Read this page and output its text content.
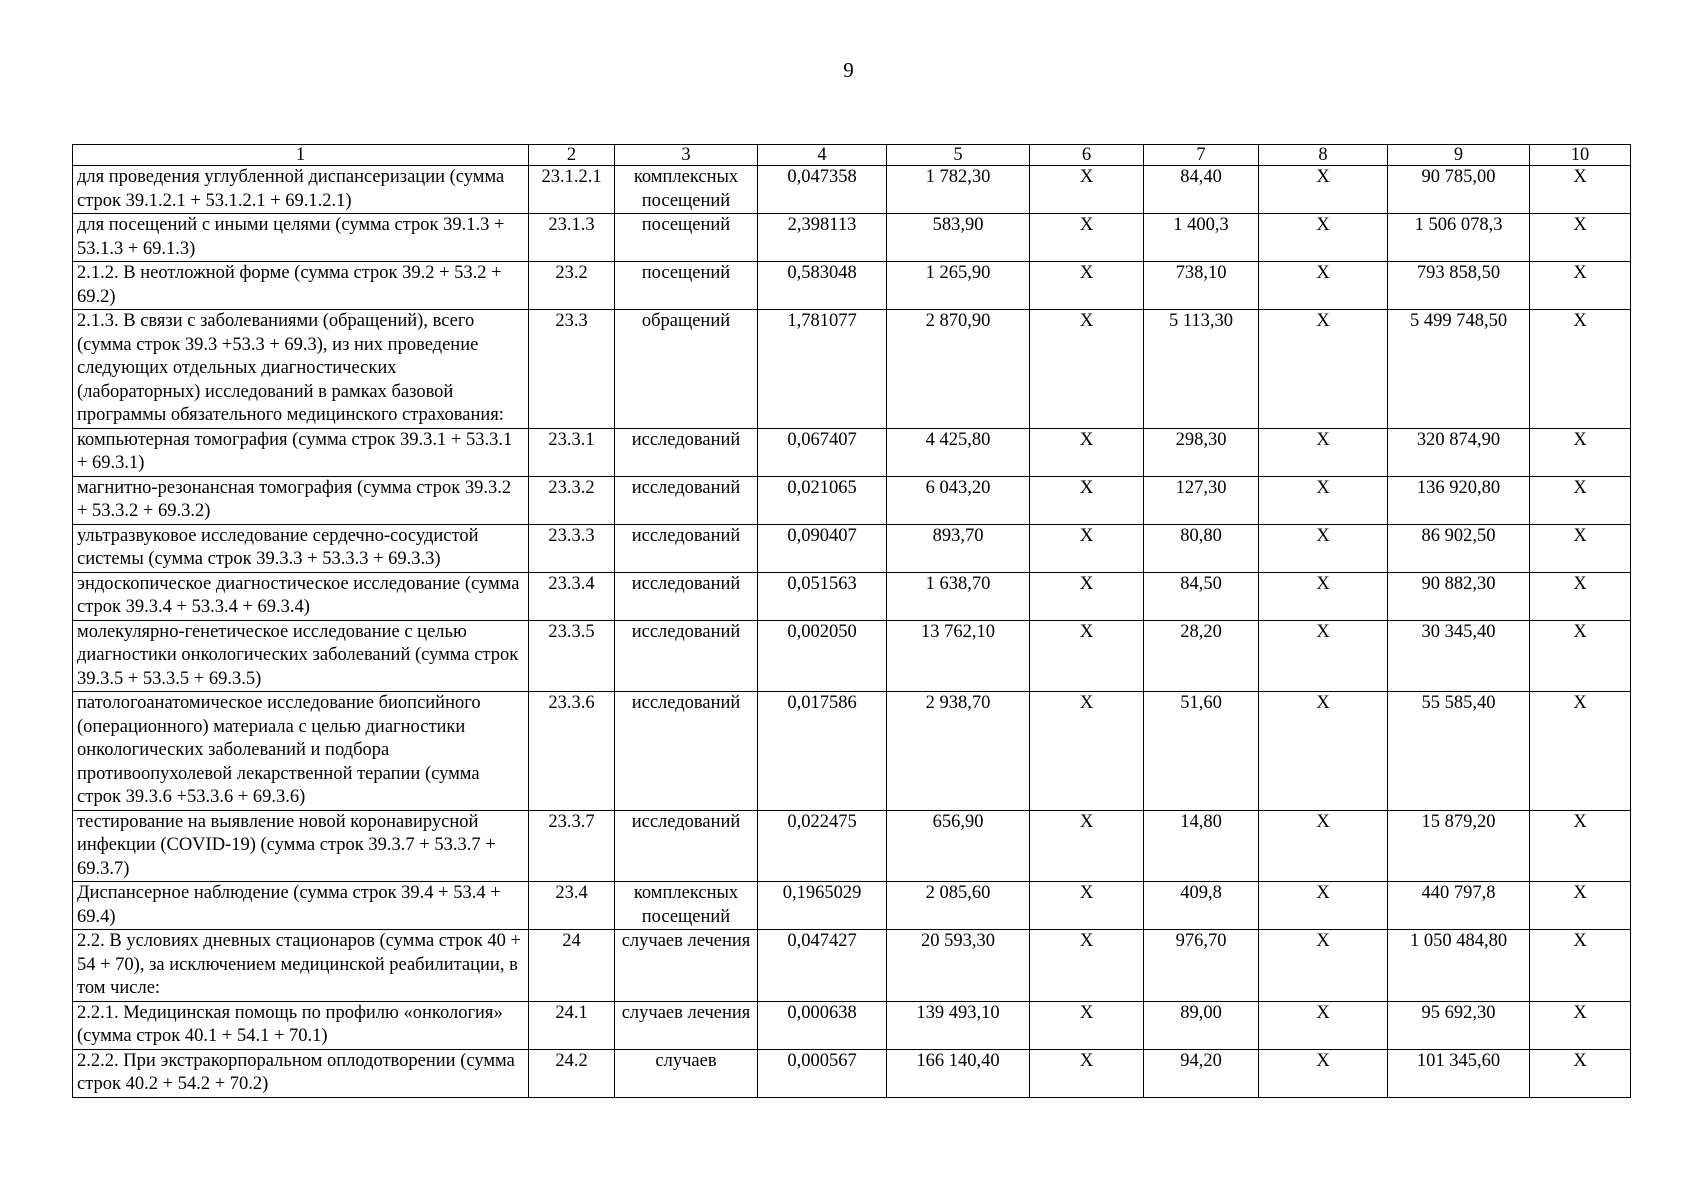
9
1	2	3	4	5	6	7	8	9	10
для проведения углубленной диспансеризации (сумма строк 39.1.2.1 + 53.1.2.1 + 69.1.2.1)	23.1.2.1	комплексных посещений	0,047358	1 782,30	Х	84,40	Х	90 785,00	Х
для посещений с иными целями (сумма строк 39.1.3 + 53.1.3 + 69.1.3)	23.1.3	посещений	2,398113	583,90	Х	1 400,3	Х	1 506 078,3	Х
2.1.2. В неотложной форме (сумма строк 39.2 + 53.2 + 69.2)	23.2	посещений	0,583048	1 265,90	Х	738,10	Х	793 858,50	Х
2.1.3. В связи с заболеваниями (обращений), всего (сумма строк 39.3 +53.3 + 69.3), из них проведение следующих отдельных диагностических (лабораторных) исследований в рамках базовой программы обязательного медицинского страхования:	23.3	обращений	1,781077	2 870,90	Х	5 113,30	Х	5 499 748,50	Х
компьютерная томография (сумма строк 39.3.1 + 53.3.1 + 69.3.1)	23.3.1	исследований	0,067407	4 425,80	Х	298,30	Х	320 874,90	Х
магнитно-резонансная томография (сумма строк 39.3.2 + 53.3.2 + 69.3.2)	23.3.2	исследований	0,021065	6 043,20	Х	127,30	Х	136 920,80	Х
ультразвуковое исследование сердечно-сосудистой системы (сумма строк 39.3.3 + 53.3.3 + 69.3.3)	23.3.3	исследований	0,090407	893,70	Х	80,80	Х	86 902,50	Х
эндоскопическое диагностическое исследование (сумма строк 39.3.4 + 53.3.4 + 69.3.4)	23.3.4	исследований	0,051563	1 638,70	Х	84,50	Х	90 882,30	Х
молекулярно-генетическое исследование с целью диагностики онкологических заболеваний (сумма строк 39.3.5 + 53.3.5 + 69.3.5)	23.3.5	исследований	0,002050	13 762,10	Х	28,20	Х	30 345,40	Х
патологоанатомическое исследование биопсийного (операционного) материала с целью диагностики онкологических заболеваний и подбора противоопухолевой лекарственной терапии (сумма строк 39.3.6 +53.3.6 + 69.3.6)	23.3.6	исследований	0,017586	2 938,70	Х	51,60	Х	55 585,40	Х
тестирование на выявление новой коронавирусной инфекции (COVID-19) (сумма строк 39.3.7 + 53.3.7 + 69.3.7)	23.3.7	исследований	0,022475	656,90	Х	14,80	Х	15 879,20	Х
Диспансерное наблюдение (сумма строк 39.4 + 53.4 + 69.4)	23.4	комплексных посещений	0,1965029	2 085,60	Х	409,8	Х	440 797,8	Х
2.2. В условиях дневных стационаров (сумма строк 40 + 54 + 70), за исключением медицинской реабилитации, в том числе:	24	случаев лечения	0,047427	20 593,30	Х	976,70	Х	1 050 484,80	Х
2.2.1. Медицинская помощь по профилю «онкология» (сумма строк 40.1 + 54.1 + 70.1)	24.1	случаев лечения	0,000638	139 493,10	Х	89,00	Х	95 692,30	Х
2.2.2. При экстракорпоральном оплодотворении (сумма строк 40.2 + 54.2 + 70.2)	24.2	случаев	0,000567	166 140,40	Х	94,20	Х	101 345,60	Х
